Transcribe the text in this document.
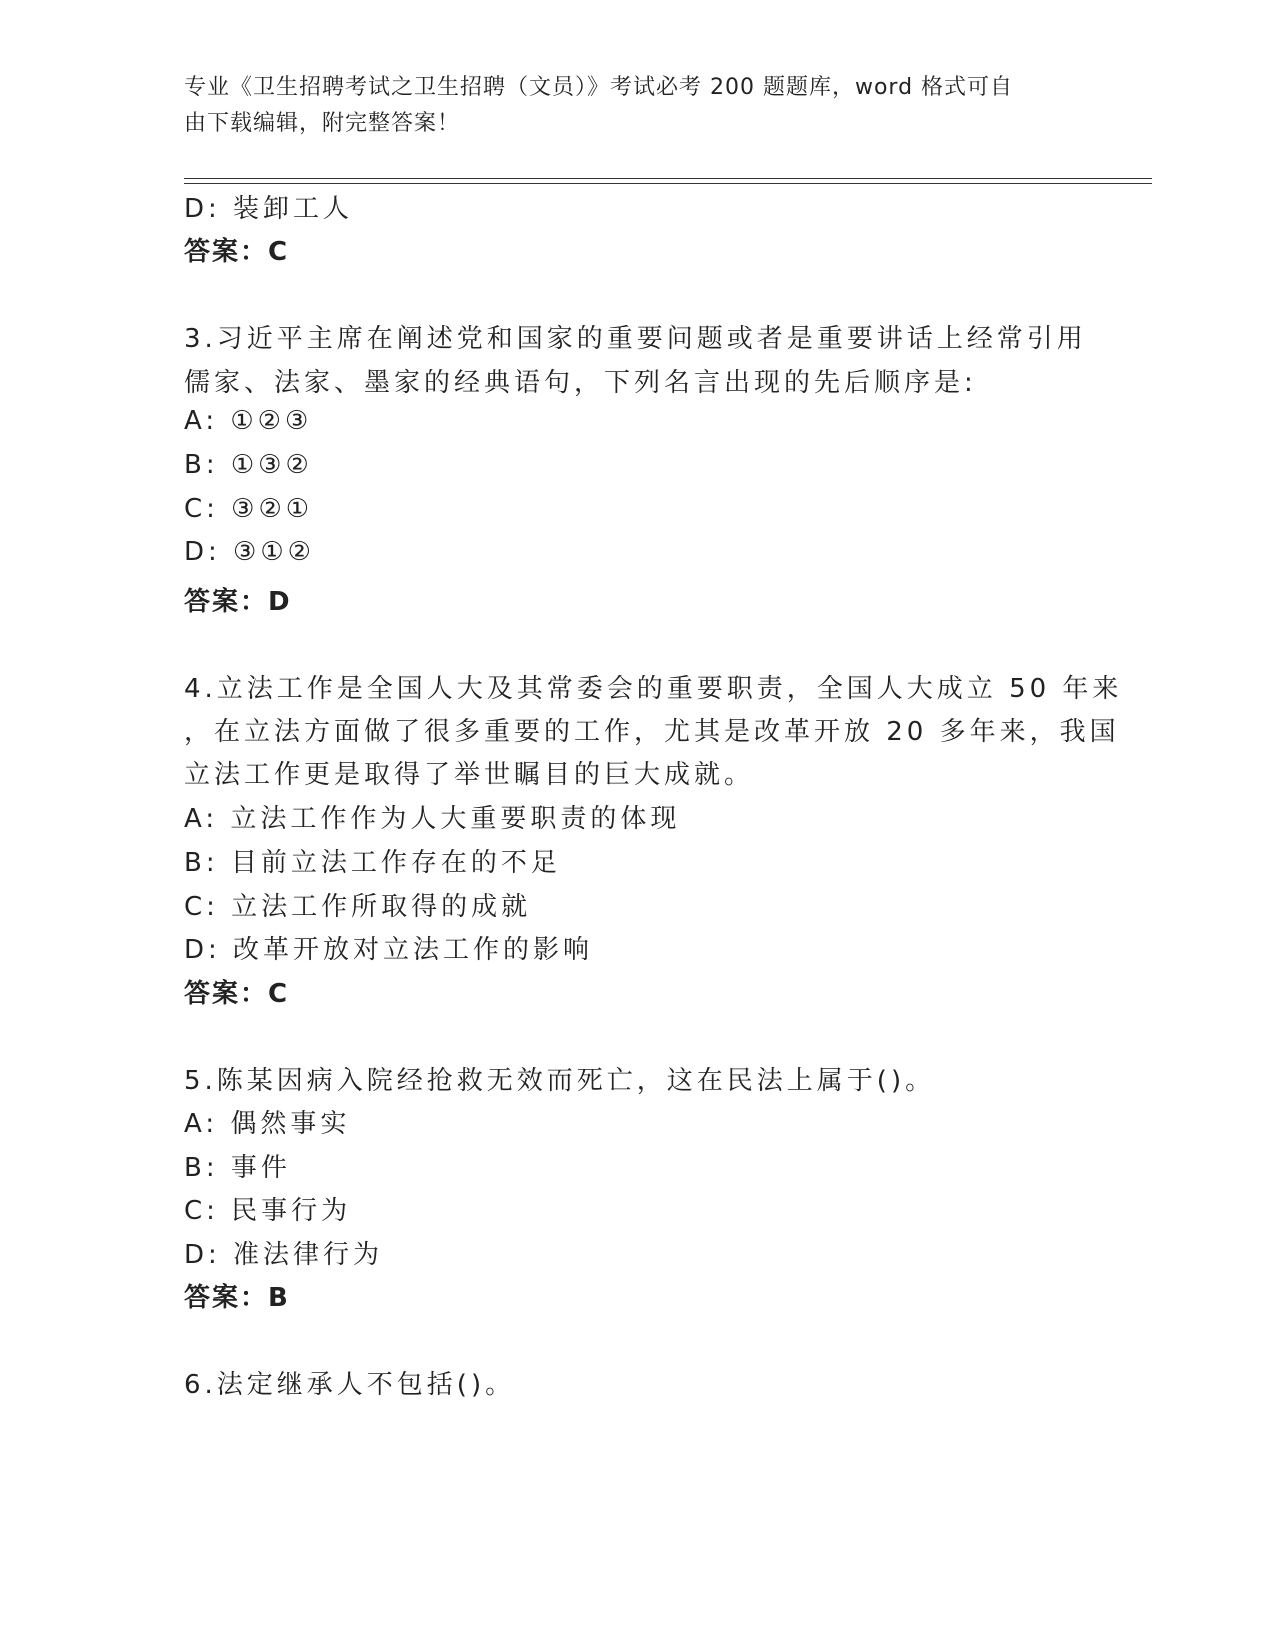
专业《卫生招聘考试之卫生招聘（文员）》考试必考 200 题题库，word 格式可自
由下载编辑，附完整答案！
D: 装卸工人
答案：C
3.习近平主席在阐述党和国家的重要问题或者是重要讲话上经常引用
儒家、法家、墨家的经典语句，下列名言出现的先后顺序是:
A: ①②③
B: ①③②
C: ③②①
D: ③①②
答案：D
4.立法工作是全国人大及其常委会的重要职责，全国人大成立 50 年来
，在立法方面做了很多重要的工作，尤其是改革开放 20 多年来，我国
立法工作更是取得了举世瞩目的巨大成就。
A: 立法工作作为人大重要职责的体现
B: 目前立法工作存在的不足
C: 立法工作所取得的成就
D: 改革开放对立法工作的影响
答案：C
5.陈某因病入院经抢救无效而死亡，这在民法上属于()。
A: 偶然事实
B: 事件
C: 民事行为
D: 准法律行为
答案：B
6.法定继承人不包括()。
